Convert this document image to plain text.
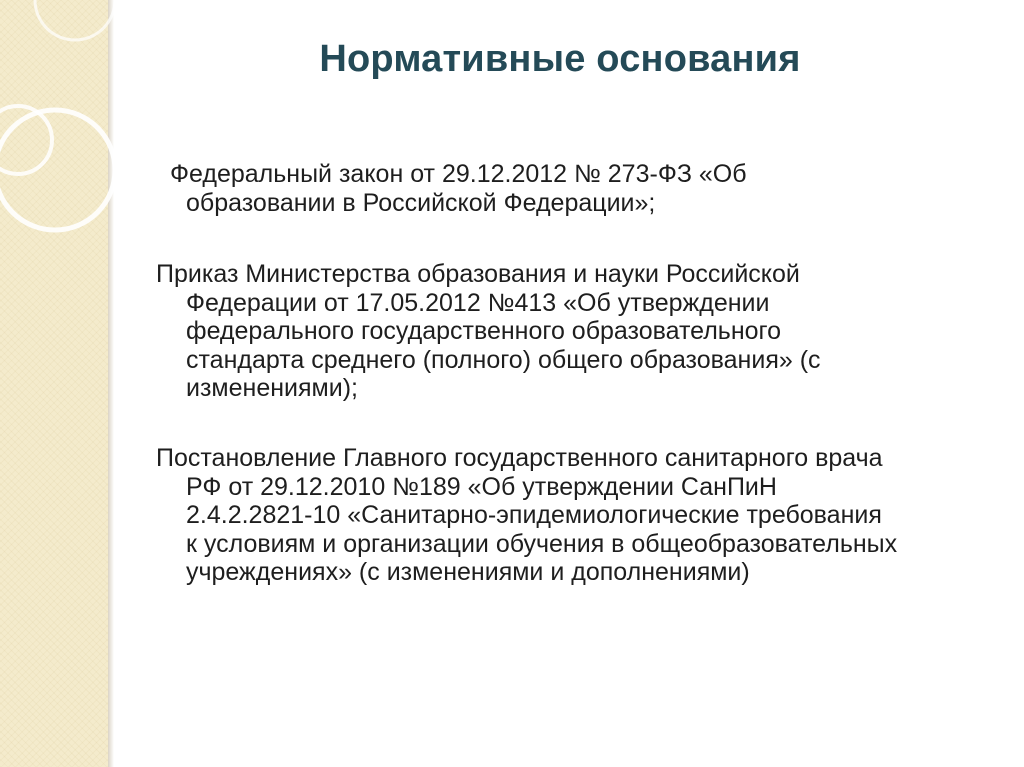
Нормативные основания
Федеральный закон от 29.12.2012 № 273-ФЗ «Об
образовании в Российской Федерации»;
Приказ Министерства образования и науки Российской
Федерации от 17.05.2012 №413 «Об утверждении
федерального государственного образовательного
стандарта среднего (полного) общего образования» (с
изменениями);
Постановление Главного государственного санитарного врача
РФ от 29.12.2010 №189 «Об утверждении СанПиН
2.4.2.2821-10 «Санитарно-эпидемиологические требования
к условиям и организации обучения в общеобразовательных
учреждениях» (с изменениями и дополнениями)
